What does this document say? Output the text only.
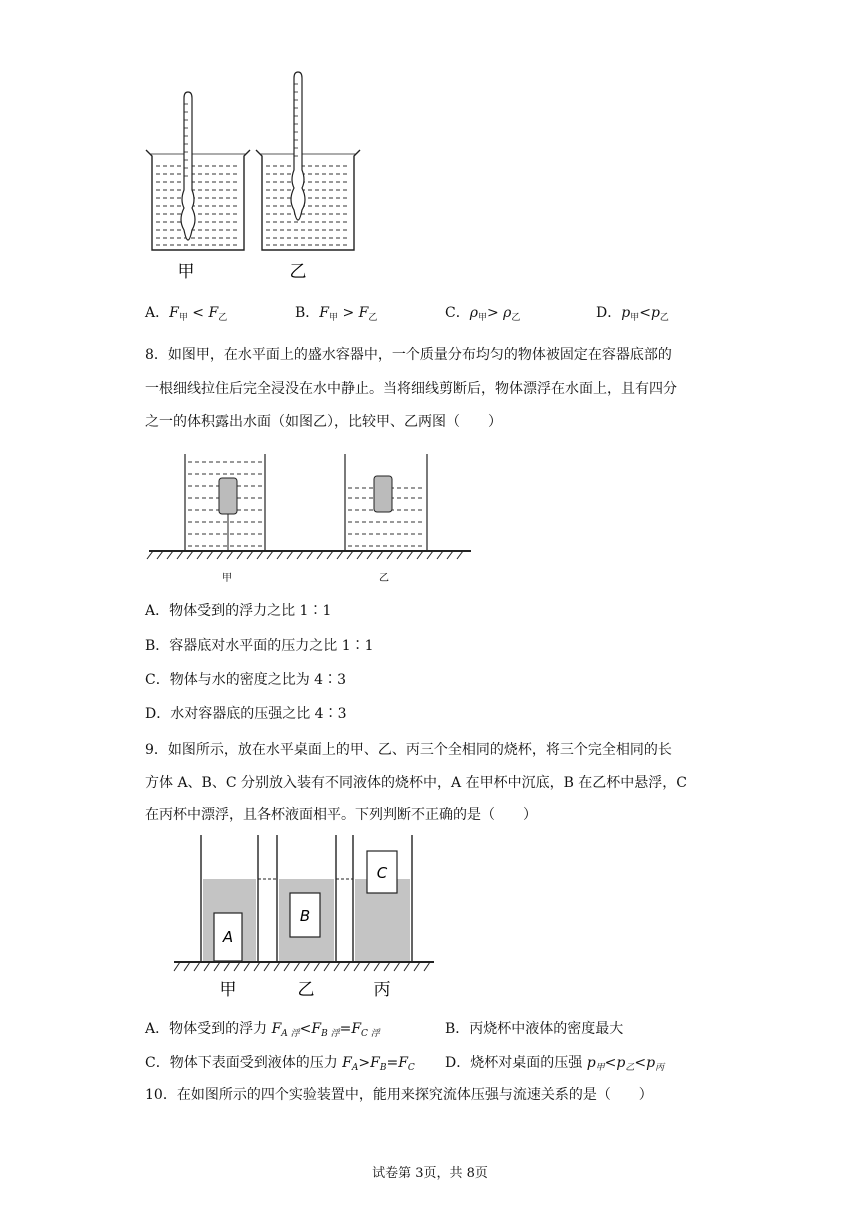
甲	乙
A．$F_甲 < F_乙$	B．$F_甲 > F_乙$	C．$\rho_甲> \rho_乙$	D．$p_甲<p_乙$
8．如图甲，在水平面上的盛水容器中，一个质量分布均匀的物体被固定在容器底部的
一根细线拉住后完全浸没在水中静止。当将细线剪断后，物体漂浮在水面上，且有四分
之一的体积露出水面（如图乙），比较甲、乙两图（　　）
甲	乙
A．物体受到的浮力之比 1∶1
B．容器底对水平面的压力之比 1∶1
C．物体与水的密度之比为 4∶3
D．水对容器底的压强之比 4∶3
9．如图所示，放在水平桌面上的甲、乙、丙三个全相同的烧杯，将三个完全相同的长
方体 A、B、C 分别放入装有不同液体的烧杯中，A 在甲杯中沉底，B 在乙杯中悬浮，C
在丙杯中漂浮，且各杯液面相平。下列判断不正确的是（　　）
A
B
C
甲	乙	丙
A．物体受到的浮力 $F_{A 浮}<F_{B 浮}=F_{C 浮}$	B．丙烧杯中液体的密度最大
C．物体下表面受到液体的压力 $F_A>F_B=F_C$ D．烧杯对桌面的压强 $p_甲<p_乙<p_丙$
10．在如图所示的四个实验装置中，能用来探究流体压强与流速关系的是（　　）
试卷第 3页，共 8页
